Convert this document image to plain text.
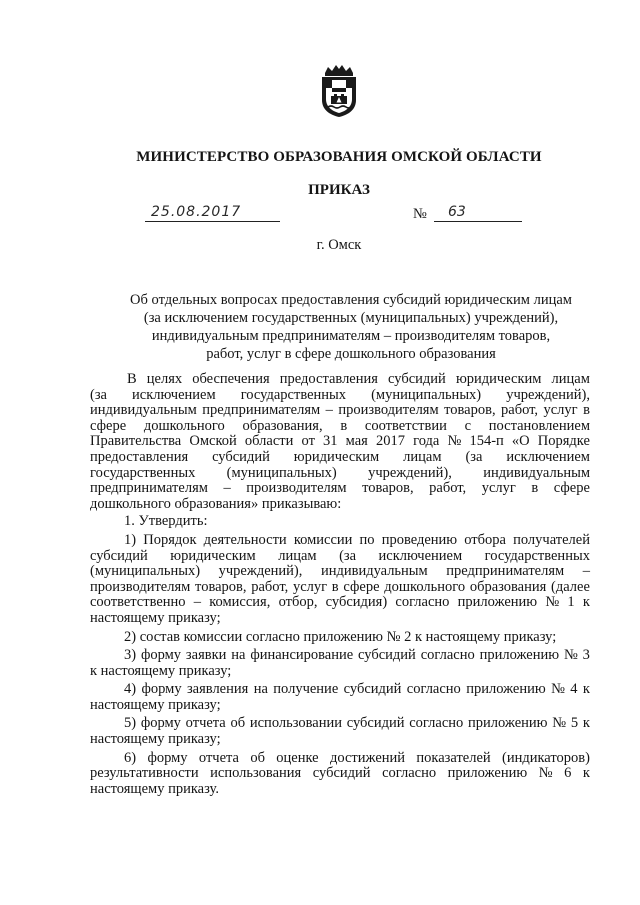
МИНИСТЕРСТВО ОБРАЗОВАНИЯ ОМСКОЙ ОБЛАСТИ
ПРИКАЗ
25.08.2017	№ 63
г. Омск
Об отдельных вопросах предоставления субсидий юридическим лицам
(за исключением государственных (муниципальных) учреждений),
индивидуальным предпринимателям – производителям товаров,
работ, услуг в сфере дошкольного образования
В целях обеспечения предоставления субсидий юридическим лицам
(за исключением государственных (муниципальных) учреждений),
индивидуальным предпринимателям – производителям товаров, работ, услуг в
сфере дошкольного образования, в соответствии с постановлением
Правительства Омской области от 31 мая 2017 года № 154-п «О Порядке
предоставления субсидий юридическим лицам (за исключением
государственных (муниципальных) учреждений), индивидуальным
предпринимателям – производителям товаров, работ, услуг в сфере
дошкольного образования» приказываю:
1. Утвердить:
1) Порядок деятельности комиссии по проведению отбора получателей
субсидий юридическим лицам (за исключением государственных
(муниципальных) учреждений), индивидуальным предпринимателям –
производителям товаров, работ, услуг в сфере дошкольного образования (далее
соответственно – комиссия, отбор, субсидия) согласно приложению № 1 к
настоящему приказу;
2) состав комиссии согласно приложению № 2 к настоящему приказу;
3) форму заявки на финансирование субсидий согласно приложению № 3
к настоящему приказу;
4) форму заявления на получение субсидий согласно приложению № 4 к
настоящему приказу;
5) форму отчета об использовании субсидий согласно приложению № 5 к
настоящему приказу;
6) форму отчета об оценке достижений показателей (индикаторов)
результативности использования субсидий согласно приложению № 6 к
настоящему приказу.
